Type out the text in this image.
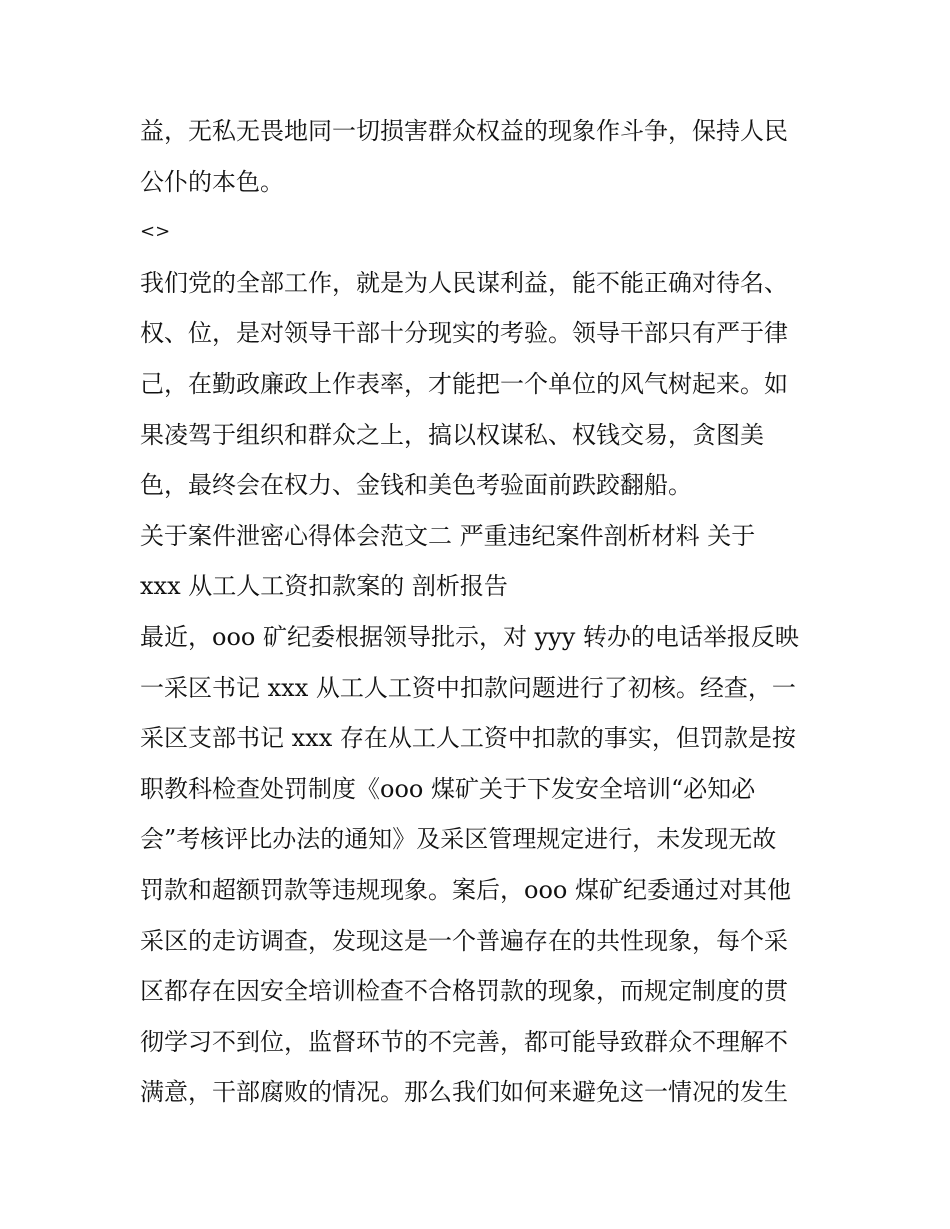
益，无私无畏地同一切损害群众权益的现象作斗争，保持人民
公仆的本色。
<>
我们党的全部工作，就是为人民谋利益，能不能正确对待名、
权、位，是对领导干部十分现实的考验。领导干部只有严于律
己，在勤政廉政上作表率，才能把一个单位的风气树起来。如
果凌驾于组织和群众之上，搞以权谋私、权钱交易，贪图美
色，最终会在权力、金钱和美色考验面前跌跤翻船。
关于案件泄密心得体会范文二 严重违纪案件剖析材料 关于
xxx 从工人工资扣款案的 剖析报告
最近，ooo 矿纪委根据领导批示，对 yyy 转办的电话举报反映
一采区书记 xxx 从工人工资中扣款问题进行了初核。经查，一
采区支部书记 xxx 存在从工人工资中扣款的事实，但罚款是按
职教科检查处罚制度《ooo 煤矿关于下发安全培训“必知必
会”考核评比办法的通知》及采区管理规定进行，未发现无故
罚款和超额罚款等违规现象。案后，ooo 煤矿纪委通过对其他
采区的走访调查，发现这是一个普遍存在的共性现象，每个采
区都存在因安全培训检查不合格罚款的现象，而规定制度的贯
彻学习不到位，监督环节的不完善，都可能导致群众不理解不
满意，干部腐败的情况。那么我们如何来避免这一情况的发生
